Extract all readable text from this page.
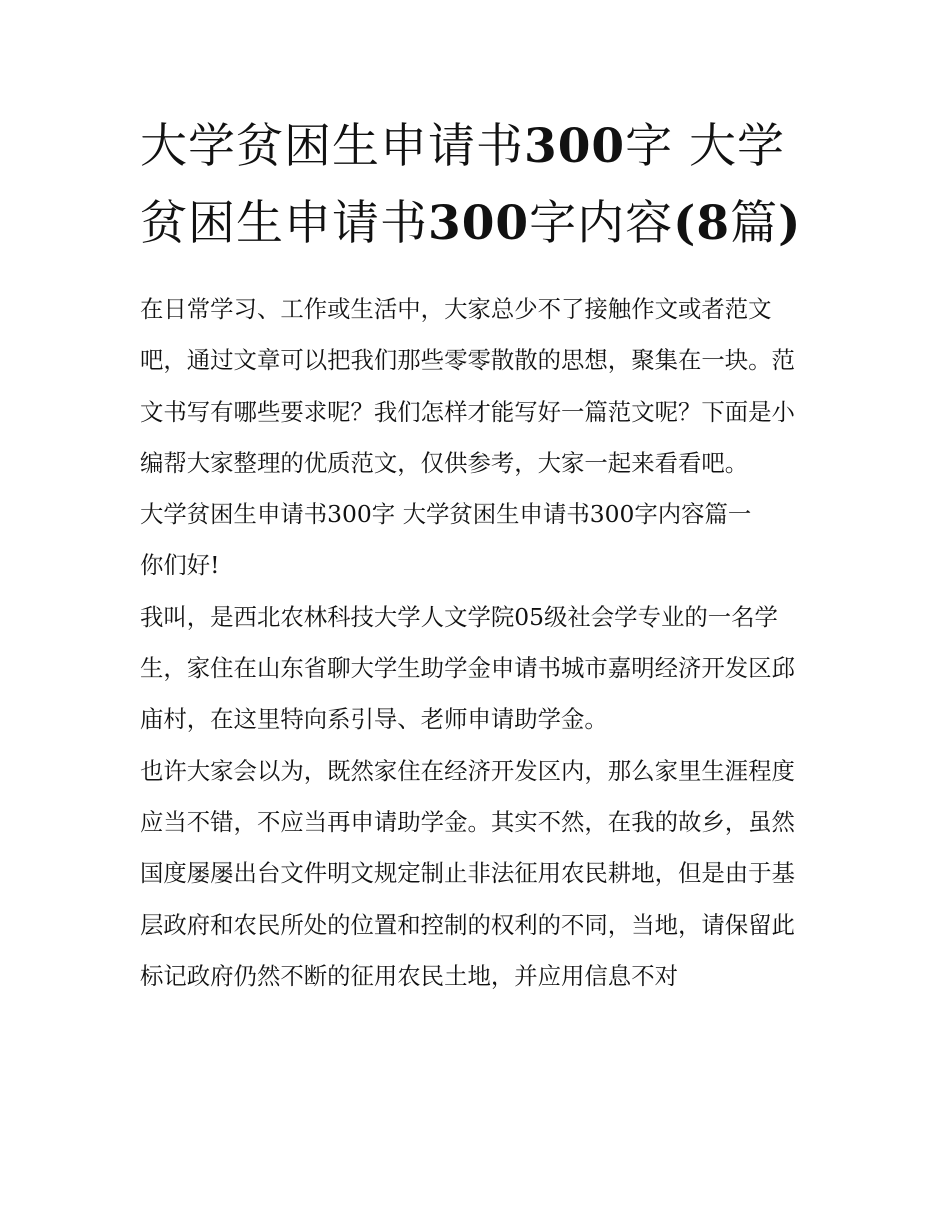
大学贫困生申请书300字 大学贫困生申请书300字内容(8篇)

在日常学习、工作或生活中，大家总少不了接触作文或者范文吧，通过文章可以把我们那些零零散散的思想，聚集在一块。范文书写有哪些要求呢？我们怎样才能写好一篇范文呢？下面是小编帮大家整理的优质范文，仅供参考，大家一起来看看吧。

大学贫困生申请书300字 大学贫困生申请书300字内容篇一

你们好!

我叫，是西北农林科技大学人文学院05级社会学专业的一名学生，家住在山东省聊大学生助学金申请书城市嘉明经济开发区邱庙村，在这里特向系引导、老师申请助学金。

也许大家会以为，既然家住在经济开发区内，那么家里生涯程度应当不错，不应当再申请助学金。其实不然，在我的故乡，虽然国度屡屡出台文件明文规定制止非法征用农民耕地，但是由于基层政府和农民所处的位置和控制的权利的不同，当地，请保留此标记政府仍然不断的征用农民土地，并应用信息不对
